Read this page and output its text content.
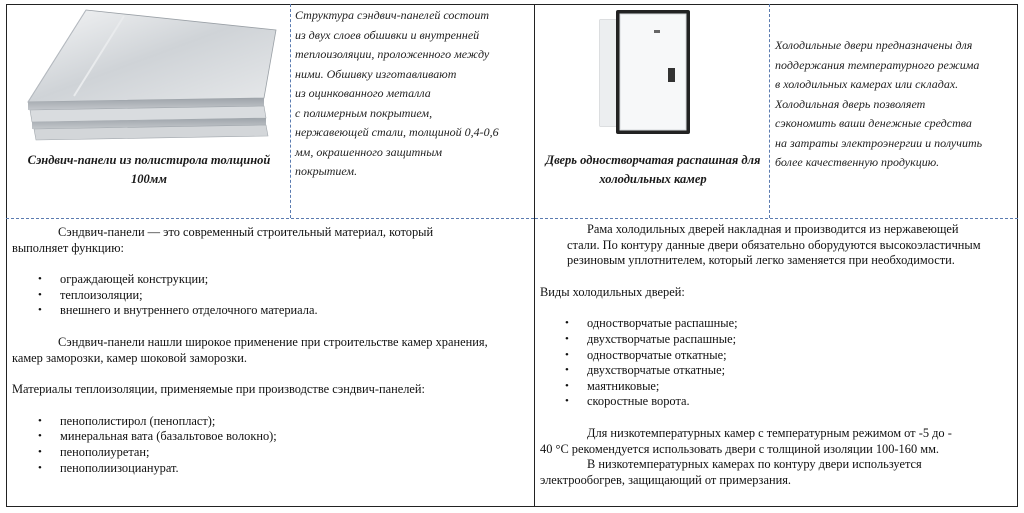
Сэндвич-панели из полистирола толщиной 100мм
Структура сэндвич-панелей состоит
из двух слоев обшивки и внутренней
теплоизоляции, проложенного между
ними. Обшивку изготавливают
из оцинкованного металла
с полимерным покрытием,
нержавеющей стали, толщиной 0,4-0,6
мм, окрашенного защитным
покрытием.
Дверь одностворчатая распашная для холодильных камер
Холодильные двери предназначены для
поддержания температурного режима
в холодильных камерах или складах.
Холодильная дверь позволяет
сэкономить ваши денежные средства
на затраты электроэнергии и получить
более качественную продукцию.

Сэндвич-панели — это современный строительный материал, который

выполняет функцию:

• ограждающей конструкции;
• теплоизоляции;
• внешнего и внутреннего отделочного материала.

Сэндвич-панели нашли широкое применение при строительстве камер хранения,

камер заморозки, камер шоковой заморозки.

Материалы теплоизоляции, применяемые при производстве сэндвич-панелей:

• пенополистирол (пенопласт);
• минеральная вата (базальтовое волокно);
• пенополиуретан;
• пенополиизоцианурат.

Рама холодильных дверей накладная и производится из нержавеющей

стали. По контуру данные двери обязательно оборудуются высокоэластичным

резиновым уплотнителем, который легко заменяется при необходимости.

Виды холодильных дверей:

• одностворчатые распашные;
• двухстворчатые распашные;
• одностворчатые откатные;
• двухстворчатые откатные;
• маятниковые;
• скоростные ворота.

Для низкотемпературных камер с температурным режимом от -5 до -

40 °С рекомендуется использовать двери с толщиной изоляции 100-160 мм.

В низкотемпературных камерах по контуру двери используется

электрообогрев, защищающий от примерзания.
